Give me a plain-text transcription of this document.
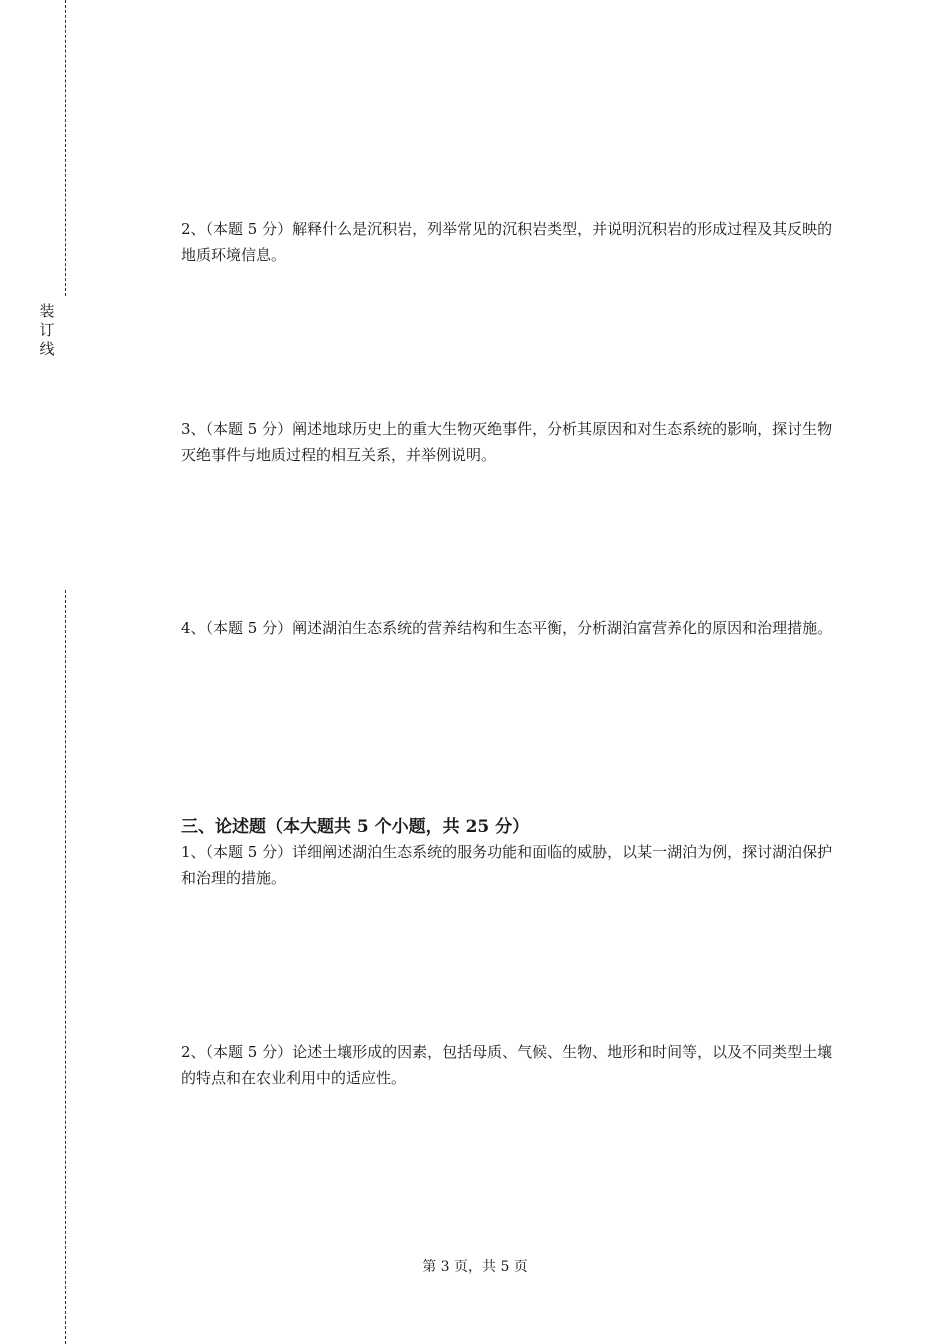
装订线

2、（本题 5 分）解释什么是沉积岩，列举常见的沉积岩类型，并说明沉积岩的形成过程及其反映的地质环境信息。

3、（本题 5 分）阐述地球历史上的重大生物灭绝事件，分析其原因和对生态系统的影响，探讨生物灭绝事件与地质过程的相互关系，并举例说明。

4、（本题 5 分）阐述湖泊生态系统的营养结构和生态平衡，分析湖泊富营养化的原因和治理措施。

三、论述题（本大题共 5 个小题，共 25 分）

1、（本题 5 分）详细阐述湖泊生态系统的服务功能和面临的威胁，以某一湖泊为例，探讨湖泊保护和治理的措施。

2、（本题 5 分）论述土壤形成的因素，包括母质、气候、生物、地形和时间等，以及不同类型土壤的特点和在农业利用中的适应性。

第 3 页，共 5 页
